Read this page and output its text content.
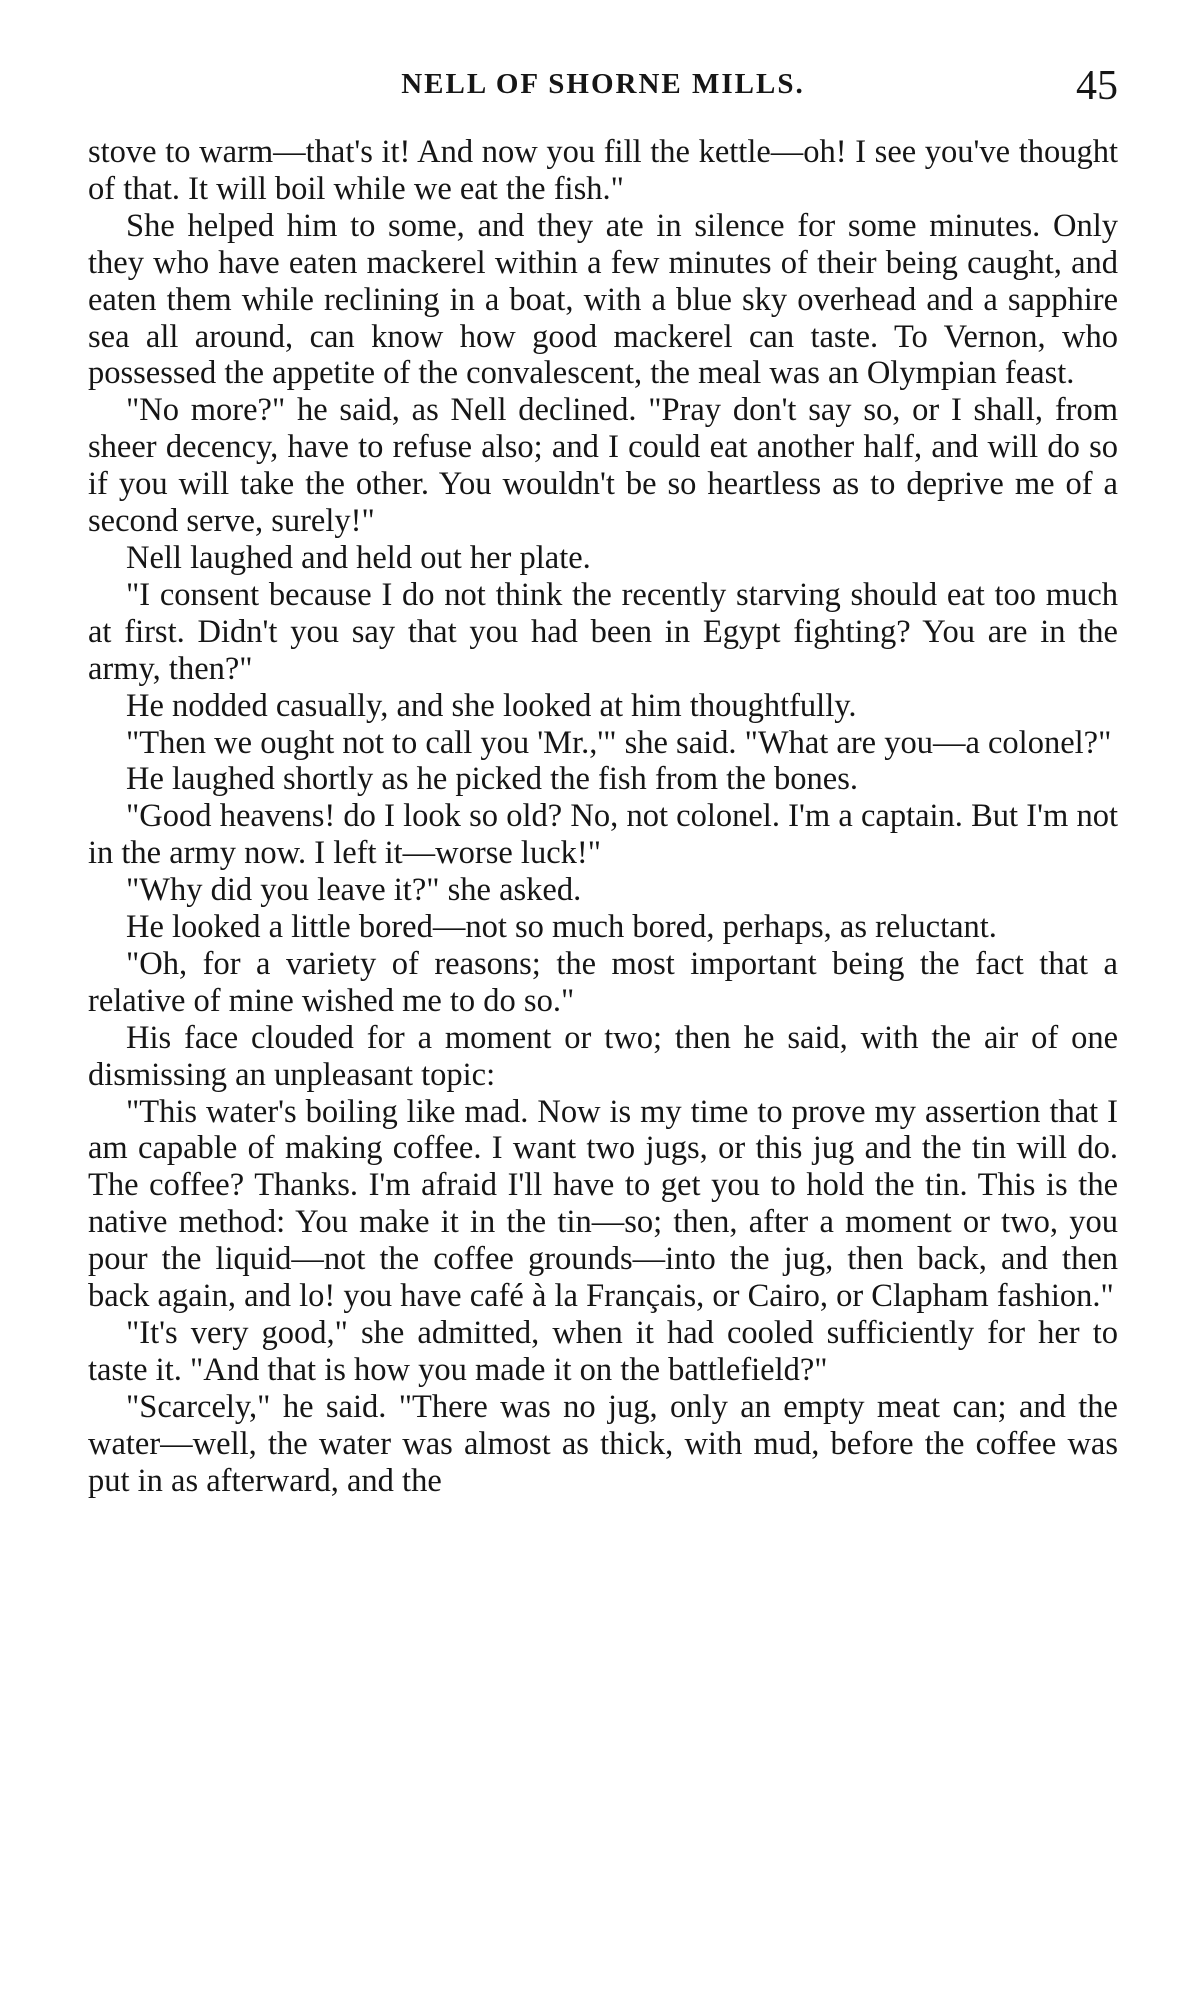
NELL OF SHORNE MILLS.	45

stove to warm—that's it! And now you fill the kettle—oh! I see you've thought of that. It will boil while we eat the fish."

She helped him to some, and they ate in silence for some minutes. Only they who have eaten mackerel within a few minutes of their being caught, and eaten them while reclining in a boat, with a blue sky overhead and a sapphire sea all around, can know how good mackerel can taste. To Vernon, who possessed the appetite of the convalescent, the meal was an Olympian feast.

"No more?" he said, as Nell declined. "Pray don't say so, or I shall, from sheer decency, have to refuse also; and I could eat another half, and will do so if you will take the other. You wouldn't be so heartless as to deprive me of a second serve, surely!"

Nell laughed and held out her plate.

"I consent because I do not think the recently starving should eat too much at first. Didn't you say that you had been in Egypt fighting? You are in the army, then?"

He nodded casually, and she looked at him thoughtfully.

"Then we ought not to call you 'Mr.,'" she said. "What are you—a colonel?"

He laughed shortly as he picked the fish from the bones.

"Good heavens! do I look so old? No, not colonel. I'm a captain. But I'm not in the army now. I left it—worse luck!"

"Why did you leave it?" she asked.

He looked a little bored—not so much bored, perhaps, as reluctant.

"Oh, for a variety of reasons; the most important being the fact that a relative of mine wished me to do so."

His face clouded for a moment or two; then he said, with the air of one dismissing an unpleasant topic:

"This water's boiling like mad. Now is my time to prove my assertion that I am capable of making coffee. I want two jugs, or this jug and the tin will do. The coffee? Thanks. I'm afraid I'll have to get you to hold the tin. This is the native method: You make it in the tin—so; then, after a moment or two, you pour the liquid—not the coffee grounds—into the jug, then back, and then back again, and lo! you have café à la Français, or Cairo, or Clapham fashion."

"It's very good," she admitted, when it had cooled sufficiently for her to taste it. "And that is how you made it on the battlefield?"

"Scarcely," he said. "There was no jug, only an empty meat can; and the water—well, the water was almost as thick, with mud, before the coffee was put in as afterward, and the
